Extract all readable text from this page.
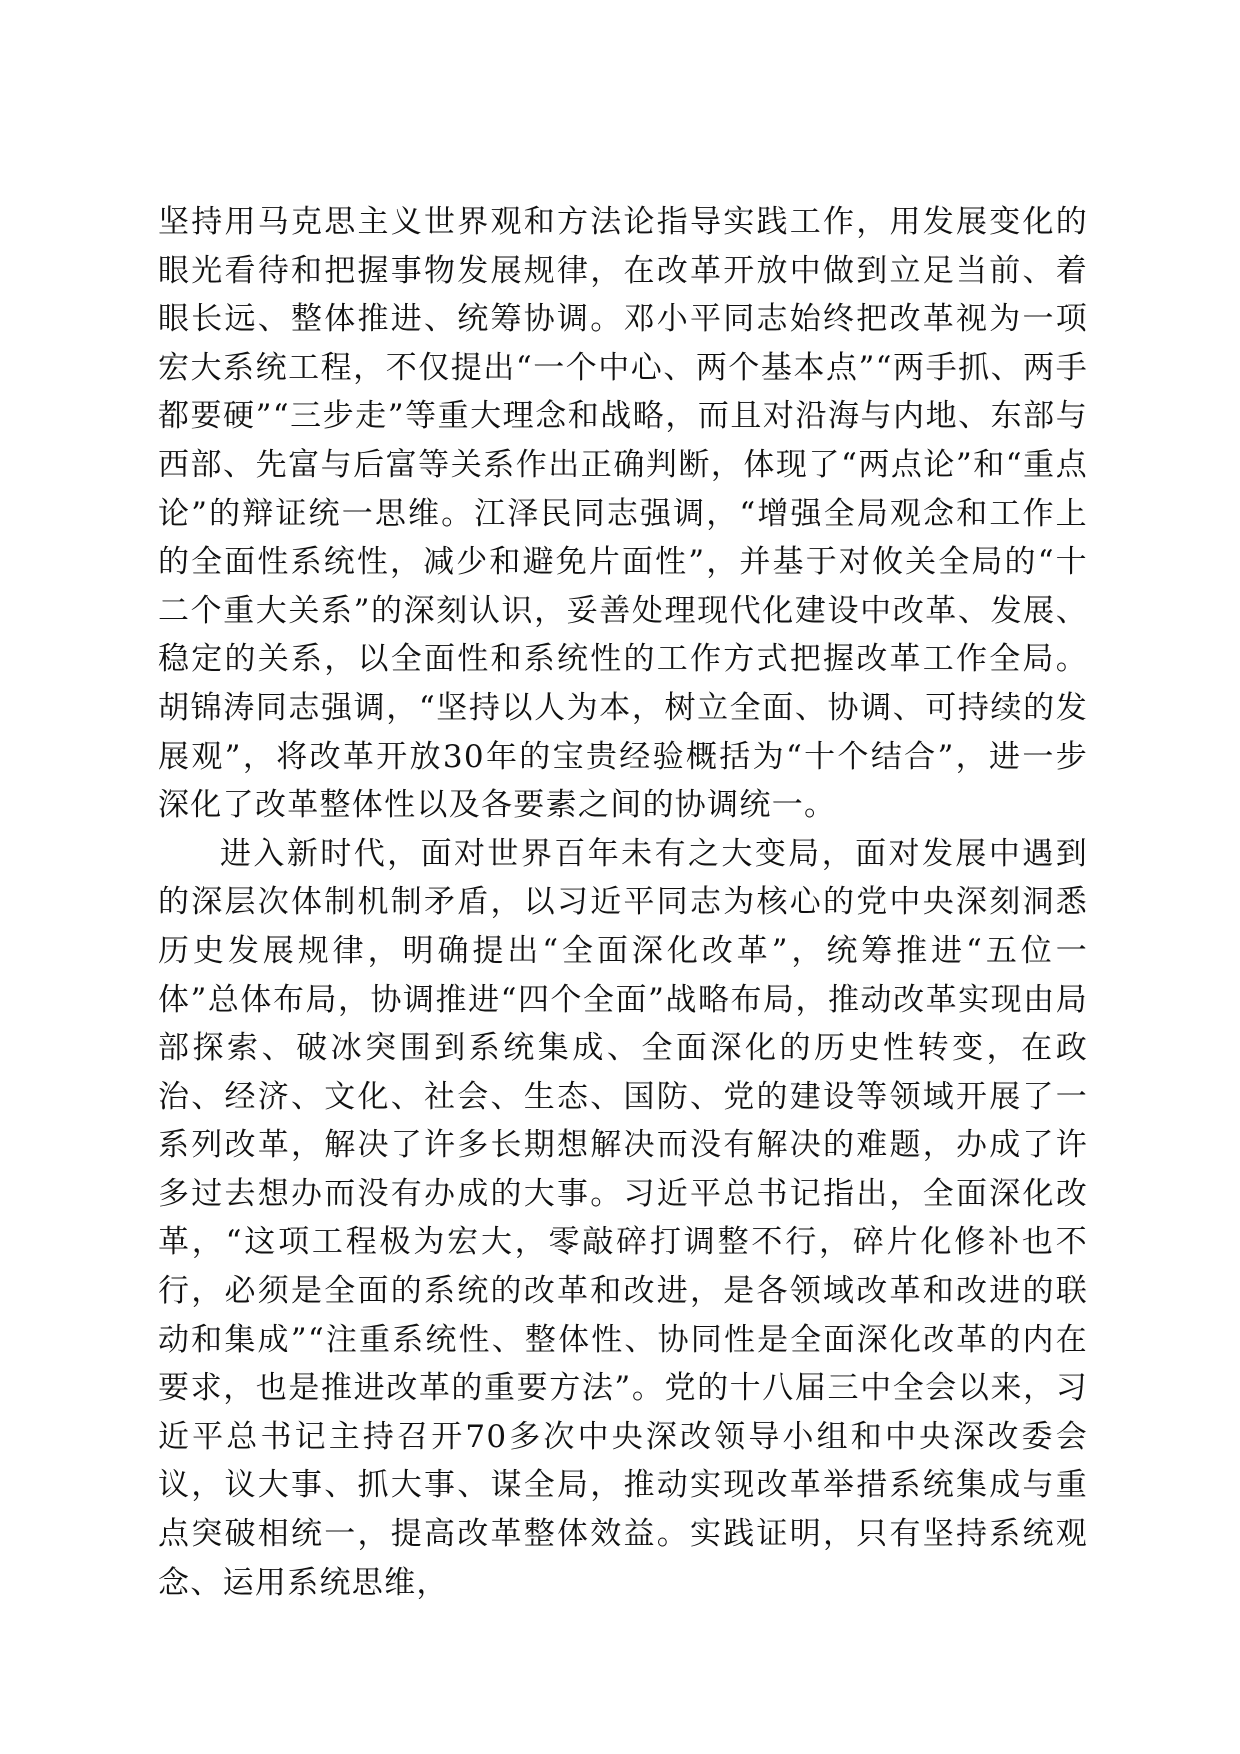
坚持用马克思主义世界观和方法论指导实践工作，用发展变化的眼光看待和把握事物发展规律，在改革开放中做到立足当前、着眼长远、整体推进、统筹协调。邓小平同志始终把改革视为一项宏大系统工程，不仅提出“一个中心、两个基本点”“两手抓、两手都要硬”“三步走”等重大理念和战略，而且对沿海与内地、东部与西部、先富与后富等关系作出正确判断，体现了“两点论”和“重点论”的辩证统一思维。江泽民同志强调，“增强全局观念和工作上的全面性系统性，减少和避免片面性”，并基于对攸关全局的“十二个重大关系”的深刻认识，妥善处理现代化建设中改革、发展、稳定的关系，以全面性和系统性的工作方式把握改革工作全局。胡锦涛同志强调，“坚持以人为本，树立全面、协调、可持续的发展观”，将改革开放30年的宝贵经验概括为“十个结合”，进一步深化了改革整体性以及各要素之间的协调统一。

进入新时代，面对世界百年未有之大变局，面对发展中遇到的深层次体制机制矛盾，以习近平同志为核心的党中央深刻洞悉历史发展规律，明确提出“全面深化改革”，统筹推进“五位一体”总体布局，协调推进“四个全面”战略布局，推动改革实现由局部探索、破冰突围到系统集成、全面深化的历史性转变，在政治、经济、文化、社会、生态、国防、党的建设等领域开展了一系列改革，解决了许多长期想解决而没有解决的难题，办成了许多过去想办而没有办成的大事。习近平总书记指出，全面深化改革，“这项工程极为宏大，零敲碎打调整不行，碎片化修补也不行，必须是全面的系统的改革和改进，是各领域改革和改进的联动和集成”“注重系统性、整体性、协同性是全面深化改革的内在要求，也是推进改革的重要方法”。党的十八届三中全会以来，习近平总书记主持召开70多次中央深改领导小组和中央深改委会议，议大事、抓大事、谋全局，推动实现改革举措系统集成与重点突破相统一，提高改革整体效益。实践证明，只有坚持系统观念、运用系统思维，
